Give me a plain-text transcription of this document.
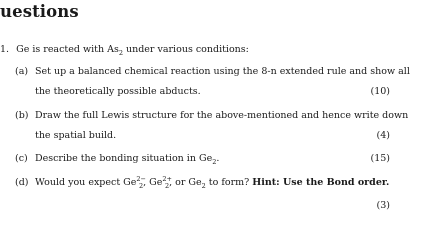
uestions
1. Ge is reacted with $As_2$ under various conditions:
(a) Set up a balanced chemical reaction using the 8-n extended rule and show all
the theoretically possible abducts.	(10)
(b) Draw the full Lewis structure for the above-mentioned and hence write down
the spatial build.	(4)
(c) Describe the bonding situation in $Ge_2$.	(15)
(d) Would you expect $Ge^{2-}_2$, $Ge^{2+}_2$, or $Ge_2$ to form? Hint: Use the Bond order.
(3)
